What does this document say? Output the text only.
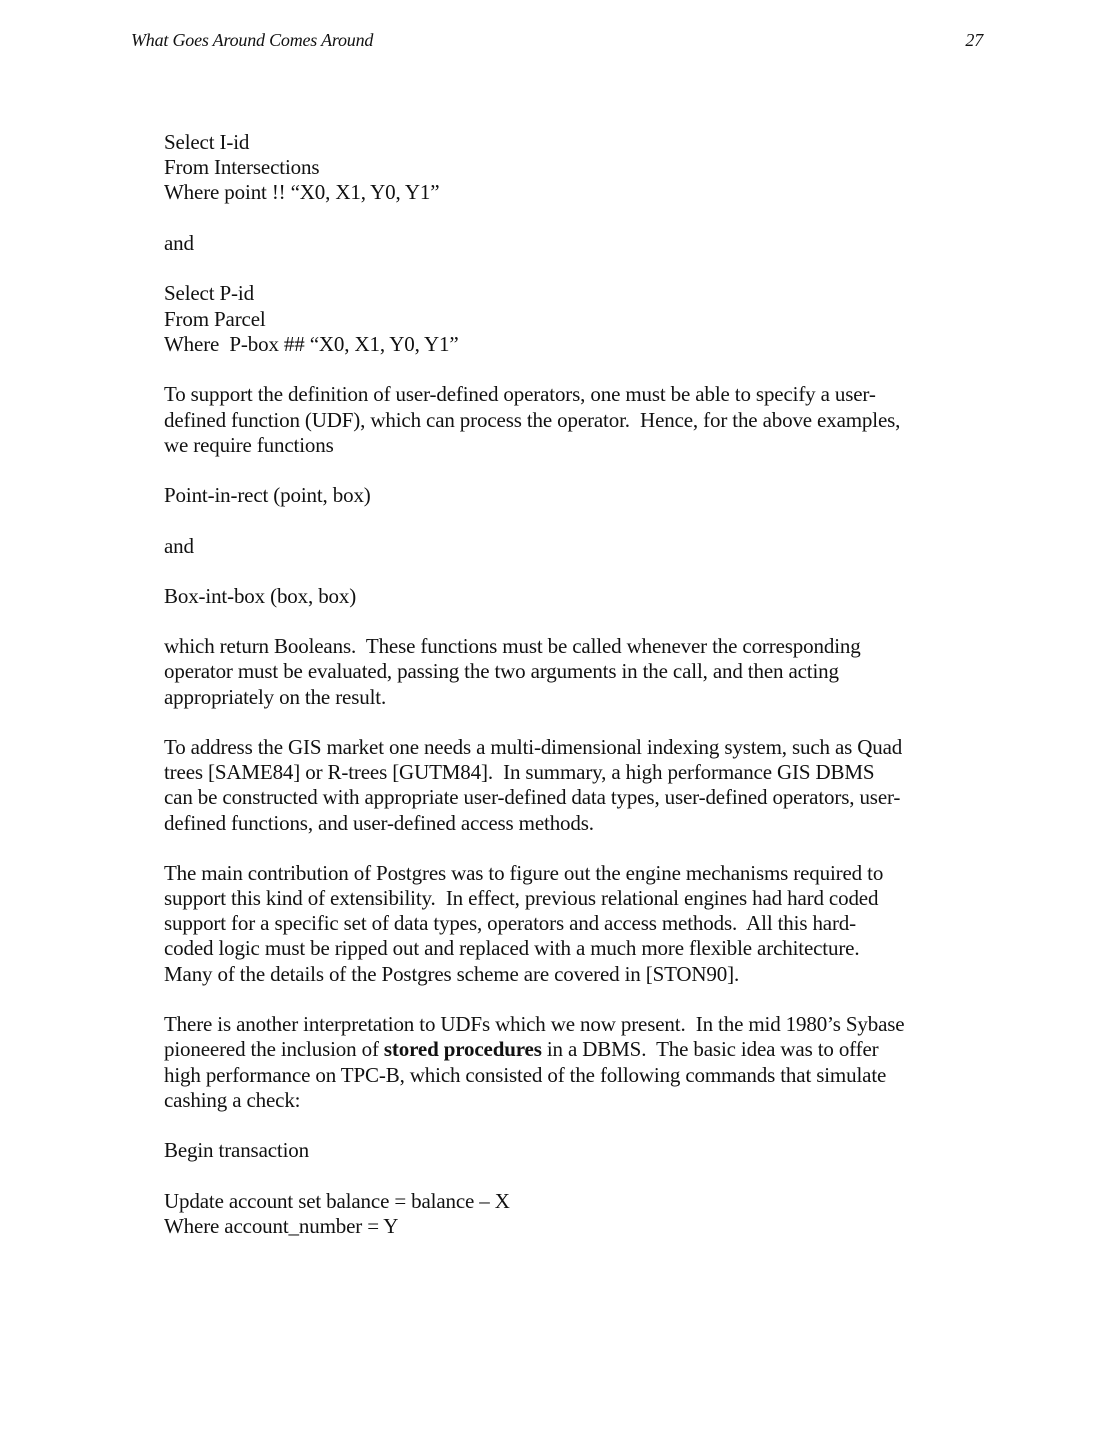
What Goes Around Comes Around	27
Select I-id
From Intersections
Where point !! “X0, X1, Y0, Y1”
and
Select P-id
From Parcel
Where  P-box ## “X0, X1, Y0, Y1”
To support the definition of user-defined operators, one must be able to specify a user-
defined function (UDF), which can process the operator.  Hence, for the above examples,
we require functions
Point-in-rect (point, box)
and
Box-int-box (box, box)
which return Booleans.  These functions must be called whenever the corresponding
operator must be evaluated, passing the two arguments in the call, and then acting
appropriately on the result.
To address the GIS market one needs a multi-dimensional indexing system, such as Quad
trees [SAME84] or R-trees [GUTM84].  In summary, a high performance GIS DBMS
can be constructed with appropriate user-defined data types, user-defined operators, user-
defined functions, and user-defined access methods.
The main contribution of Postgres was to figure out the engine mechanisms required to
support this kind of extensibility.  In effect, previous relational engines had hard coded
support for a specific set of data types, operators and access methods.  All this hard-
coded logic must be ripped out and replaced with a much more flexible architecture.
Many of the details of the Postgres scheme are covered in [STON90].
There is another interpretation to UDFs which we now present.  In the mid 1980’s Sybase
pioneered the inclusion of stored procedures in a DBMS.  The basic idea was to offer
high performance on TPC-B, which consisted of the following commands that simulate
cashing a check:
Begin transaction
Update account set balance = balance – X
Where account_number = Y
